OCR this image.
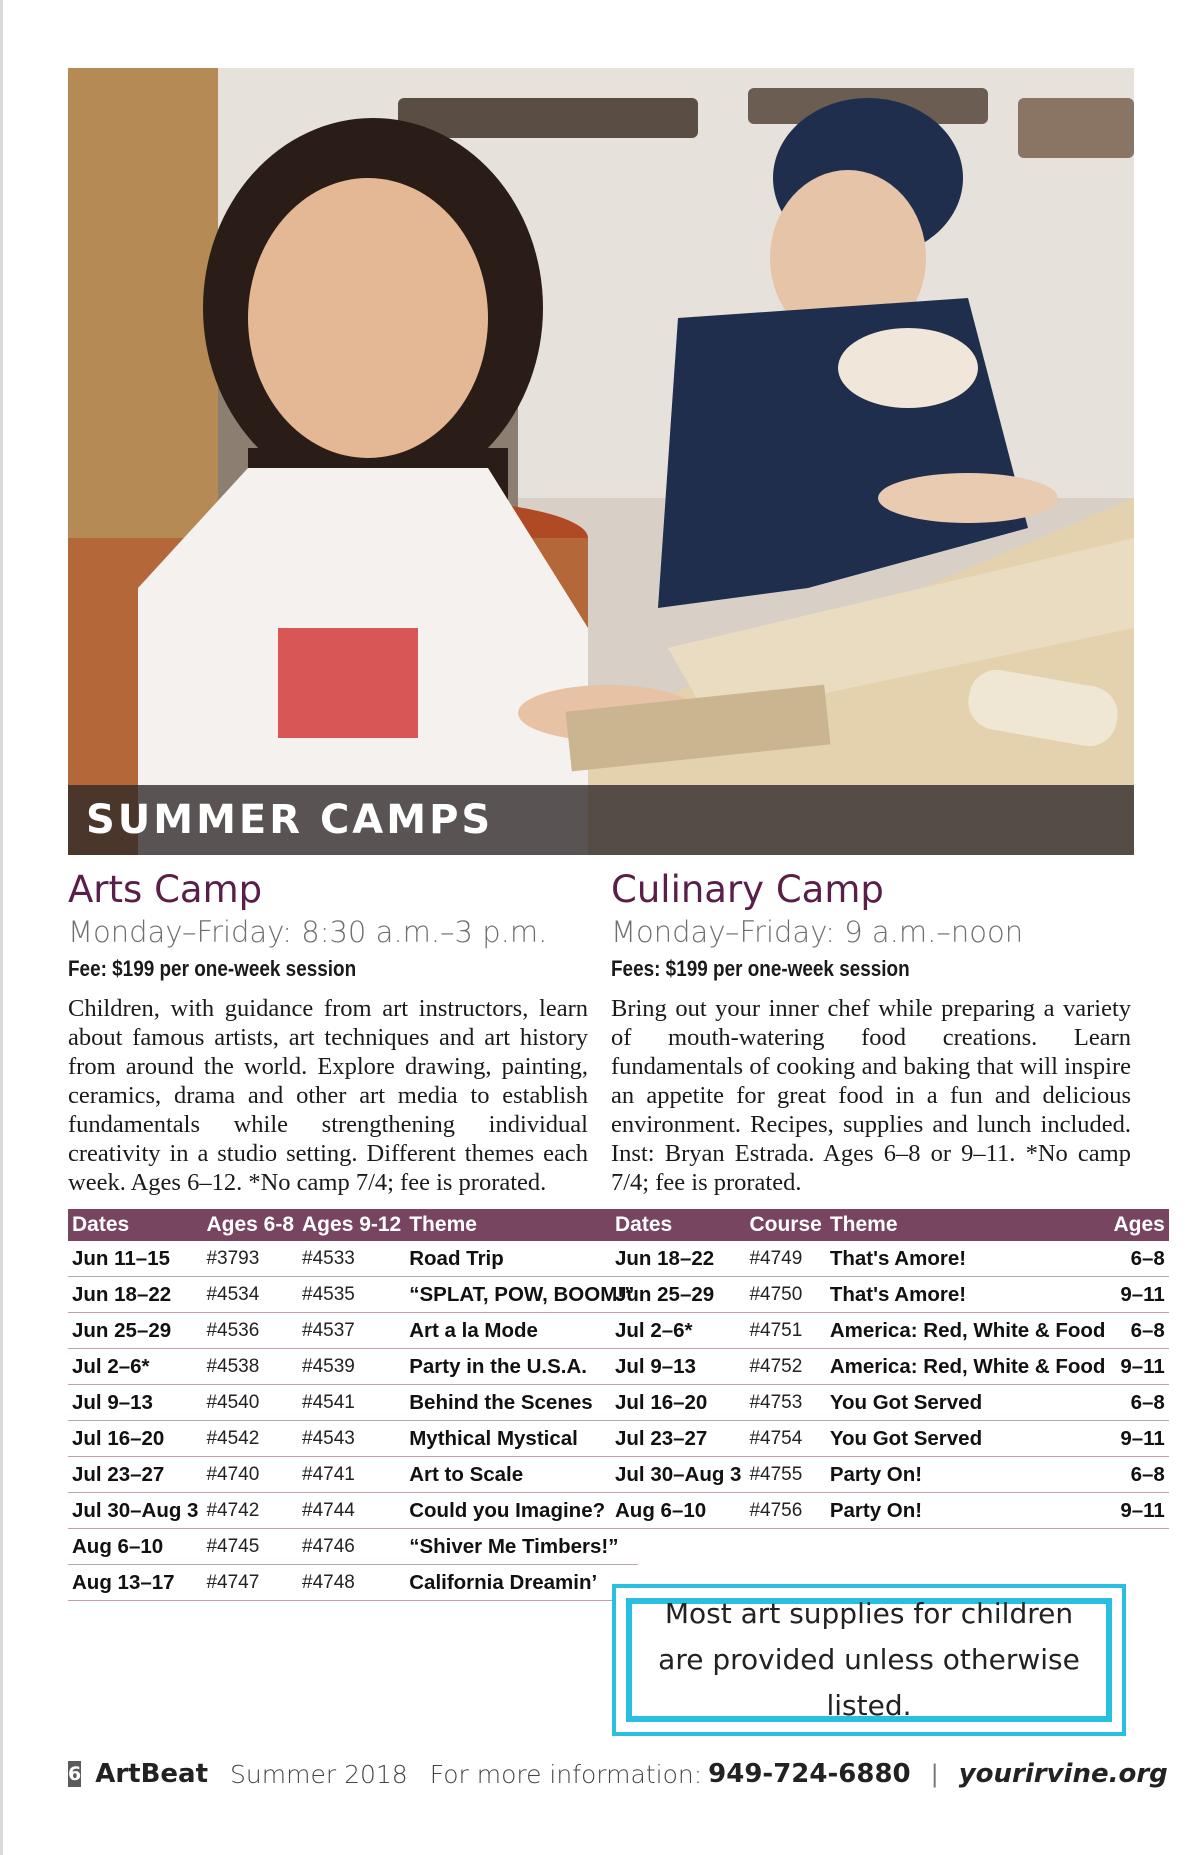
SUMMER CAMPS
Arts Camp

Monday–Friday: 8:30 a.m.–3 p.m.

Fee: $199 per one-week session

Children, with guidance from art instructors, learn about famous artists, art techniques and art history from around the world. Explore drawing, painting, ceramics, drama and other art media to establish fundamentals while strengthening individual creativity in a studio setting. Different themes each week. Ages 6–12. *No camp 7/4; fee is prorated.

Dates	Ages 6-8	Ages 9-12	Theme
Jun 11–15	#3793	#4533	Road Trip
Jun 18–22	#4534	#4535	“SPLAT, POW, BOOM!”
Jun 25–29	#4536	#4537	Art a la Mode
Jul 2–6*	#4538	#4539	Party in the U.S.A.
Jul 9–13	#4540	#4541	Behind the Scenes
Jul 16–20	#4542	#4543	Mythical Mystical
Jul 23–27	#4740	#4741	Art to Scale
Jul 30–Aug 3	#4742	#4744	Could you Imagine?
Aug 6–10	#4745	#4746	“Shiver Me Timbers!”
Aug 13–17	#4747	#4748	California Dreamin’
Culinary Camp

Monday–Friday: 9 a.m.–noon

Fees: $199 per one-week session

Bring out your inner chef while preparing a variety of mouth-watering food creations. Learn fundamentals of cooking and baking that will inspire an appetite for great food in a fun and delicious environment. Recipes, supplies and lunch included. Inst: Bryan Estrada. Ages 6–8 or 9–11. *No camp 7/4; fee is prorated.

Dates	Course	Theme	Ages
Jun 18–22	#4749	That's Amore!	6–8
Jun 25–29	#4750	That's Amore!	9–11
Jul 2–6*	#4751	America: Red, White & Food	6–8
Jul 9–13	#4752	America: Red, White & Food	9–11
Jul 16–20	#4753	You Got Served	6–8
Jul 23–27	#4754	You Got Served	9–11
Jul 30–Aug 3	#4755	Party On!	6–8
Aug 6–10	#4756	Party On!	9–11

Most art supplies for children are provided unless otherwise listed.

6 ArtBeat Summer 2018 For more information: 949-724-6880 | yourirvine.org
